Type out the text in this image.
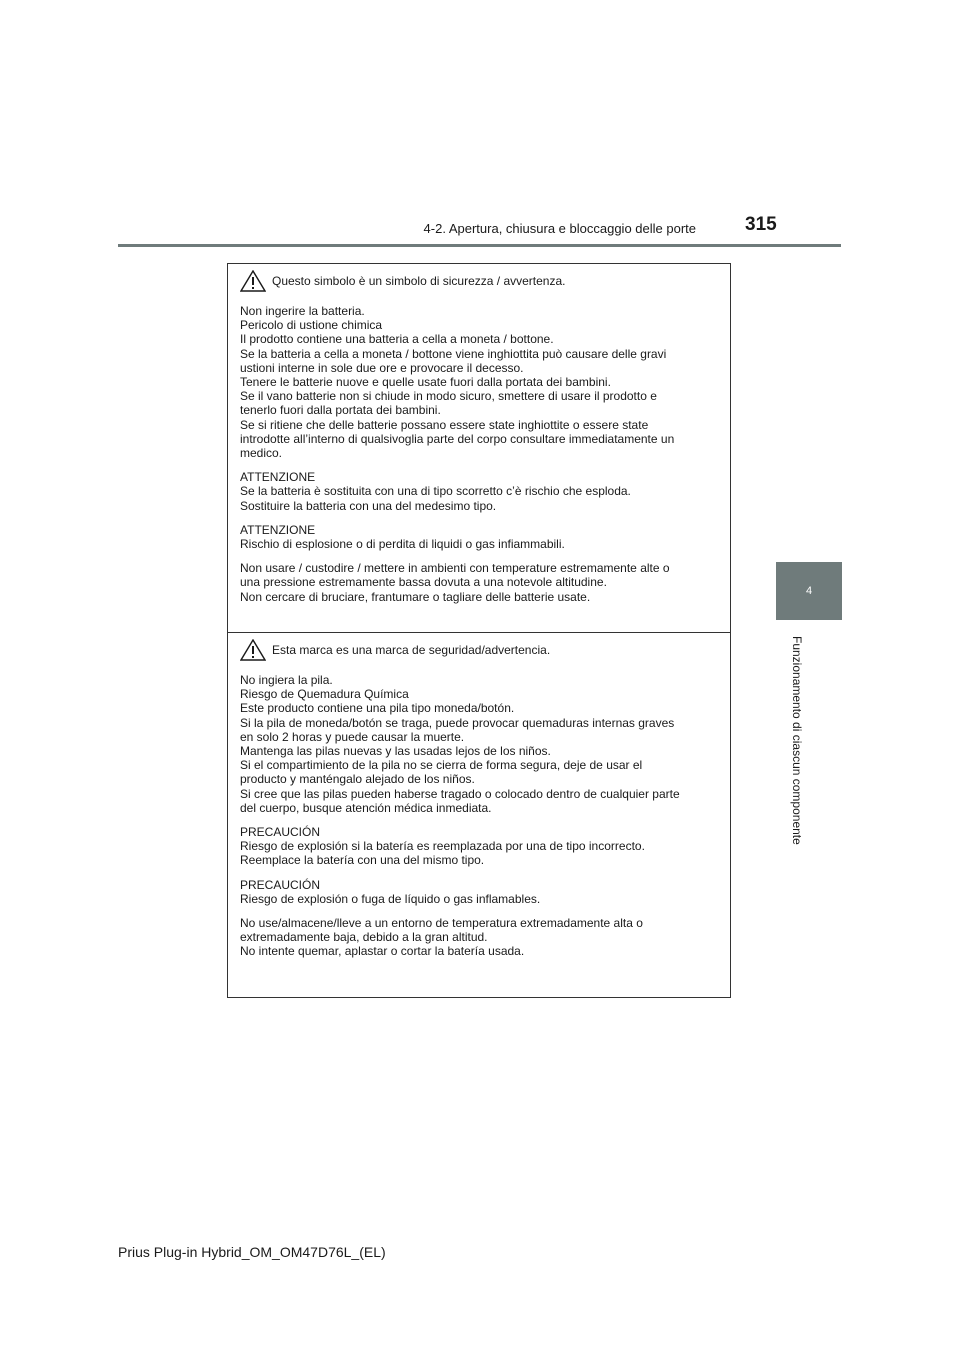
4-2. Apertura, chiusura e bloccaggio delle porte	315
4
Funzionamento di ciascun componente
Questo simbolo è un simbolo di sicurezza / avvertenza.

Non ingerire la batteria.
Pericolo di ustione chimica
Il prodotto contiene una batteria a cella a moneta / bottone.
Se la batteria a cella a moneta / bottone viene inghiottita può causare delle gravi
ustioni interne in sole due ore e provocare il decesso.
Tenere le batterie nuove e quelle usate fuori dalla portata dei bambini.
Se il vano batterie non si chiude in modo sicuro, smettere di usare il prodotto e
tenerlo fuori dalla portata dei bambini.
Se si ritiene che delle batterie possano essere state inghiottite o essere state
introdotte all’interno di qualsivoglia parte del corpo consultare immediatamente un
medico.

ATTENZIONE
Se la batteria è sostituita con una di tipo scorretto c’è rischio che esploda.
Sostituire la batteria con una del medesimo tipo.

ATTENZIONE
Rischio di esplosione o di perdita di liquidi o gas infiammabili.

Non usare / custodire / mettere in ambienti con temperature estremamente alte o
una pressione estremamente bassa dovuta a una notevole altitudine.
Non cercare di bruciare, frantumare o tagliare delle batterie usate.

Esta marca es una marca de seguridad/advertencia.

No ingiera la pila.
Riesgo de Quemadura Química
Este producto contiene una pila tipo moneda/botón.
Si la pila de moneda/botón se traga, puede provocar quemaduras internas graves
en solo 2 horas y puede causar la muerte.
Mantenga las pilas nuevas y las usadas lejos de los niños.
Si el compartimiento de la pila no se cierra de forma segura, deje de usar el
producto y manténgalo alejado de los niños.
Si cree que las pilas pueden haberse tragado o colocado dentro de cualquier parte
del cuerpo, busque atención médica inmediata.

PRECAUCIÓN
Riesgo de explosión si la batería es reemplazada por una de tipo incorrecto.
Reemplace la batería con una del mismo tipo.

PRECAUCIÓN
Riesgo de explosión o fuga de líquido o gas inflamables.

No use/almacene/lleve a un entorno de temperatura extremadamente alta o
extremadamente baja, debido a la gran altitud.
No intente quemar, aplastar o cortar la batería usada.

Prius Plug-in Hybrid_OM_OM47D76L_(EL)
